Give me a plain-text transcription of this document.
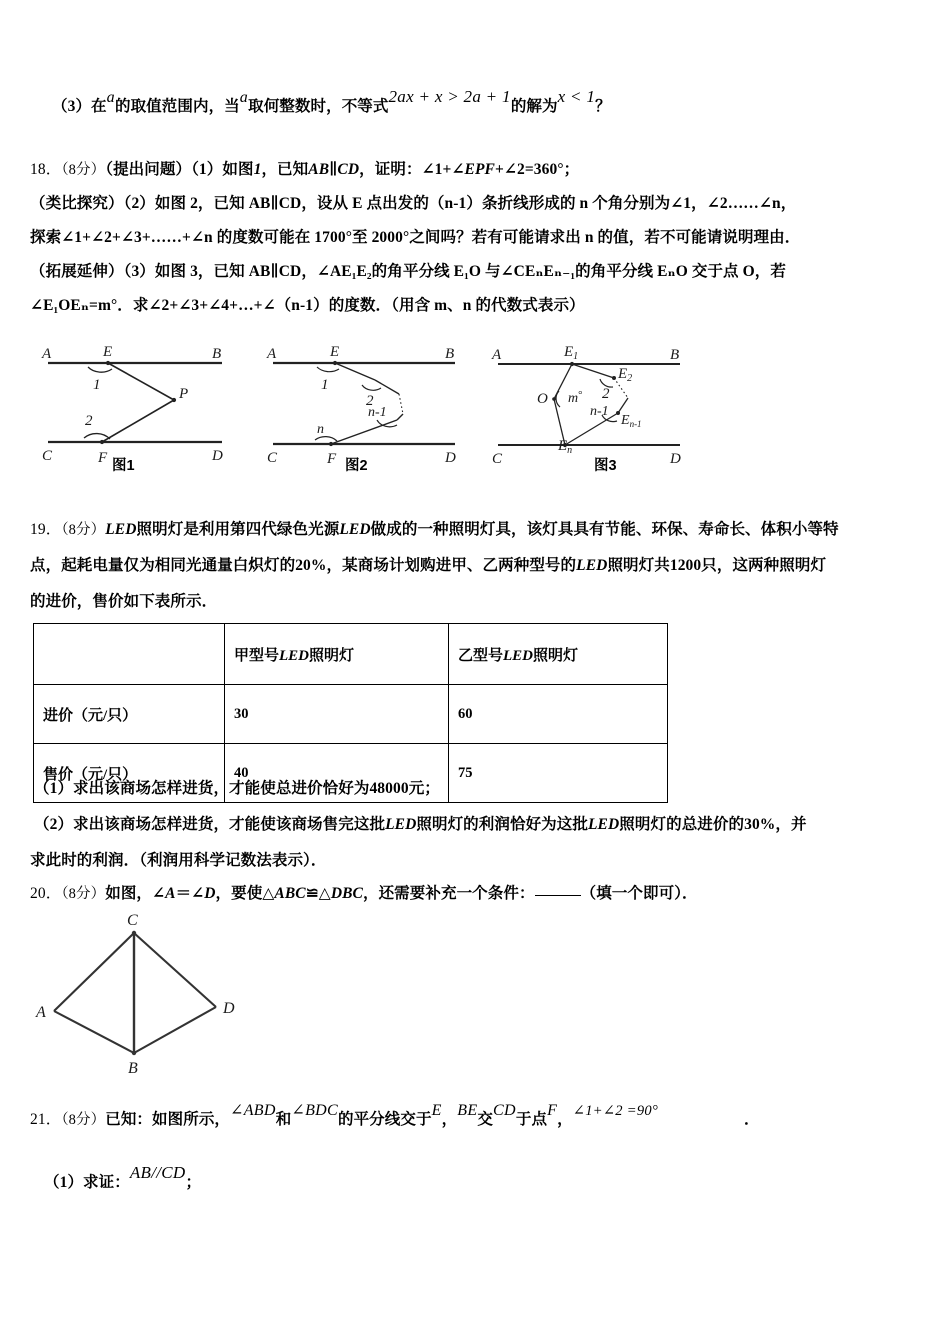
（3）在a的取值范围内，当a取何整数时，不等式2ax + x > 2a + 1的解为x < 1？
18．（8分）（提出问题）（1）如图1，已知AB∥CD，证明：∠1+∠EPF+∠2=360°；
（类比探究）（2）如图 2，已知 AB∥CD，设从 E 点出发的（n‑1）条折线形成的 n 个角分别为∠1，∠2……∠n，
探索∠1+∠2+∠3+……+∠n 的度数可能在 1700°至 2000°之间吗？若有可能请求出 n 的值，若不可能请说明理由．
（拓展延伸）（3）如图 3，已知 AB∥CD，∠AE₁E₂的角平分线 E₁O 与∠CEₙEₙ₋₁的角平分线 EₙO 交于点 O，若
∠E₁OEₙ=m°．求∠2+∠3+∠4+…+∠（n‑1）的度数．（用含 m、n 的代数式表示）
A	B
C	F	D
E
P
1
2
图1
A	B
C	F	D
E
1
2
n-1
n
图2
A	B
C	D
$E_1$
$E_2$
$E_n$
$E_{n-1}$
O m° 2
n-1
图3
19．（8分）LED照明灯是利用第四代绿色光源LED做成的一种照明灯具，该灯具具有节能、环保、寿命长、体积小等特
点，起耗电量仅为相同光通量白炽灯的20%，某商场计划购进甲、乙两种型号的LED照明灯共1200只，这两种照明灯
的进价，售价如下表所示．
	甲型号LED照明灯	乙型号LED照明灯
进价（元/只）	30	60
售价（元/只）	40	75
（1）求出该商场怎样进货，才能使总进价恰好为48000元；
（2）求出该商场怎样进货，才能使该商场售完这批LED照明灯的利润恰好为这批LED照明灯的总进价的30%，并
求此时的利润．（利润用科学记数法表示）．
20．（8分）如图，∠A＝∠D，要使△ABC≌△DBC，还需要补充一个条件：	（填一个即可）．
C
A	D
B
21．（8分）已知：如图所示，∠ABD和∠BDC的平分线交于E，BE交CD于点F，∠1+∠2 =90°	．
（1）求证：AB//CD；
